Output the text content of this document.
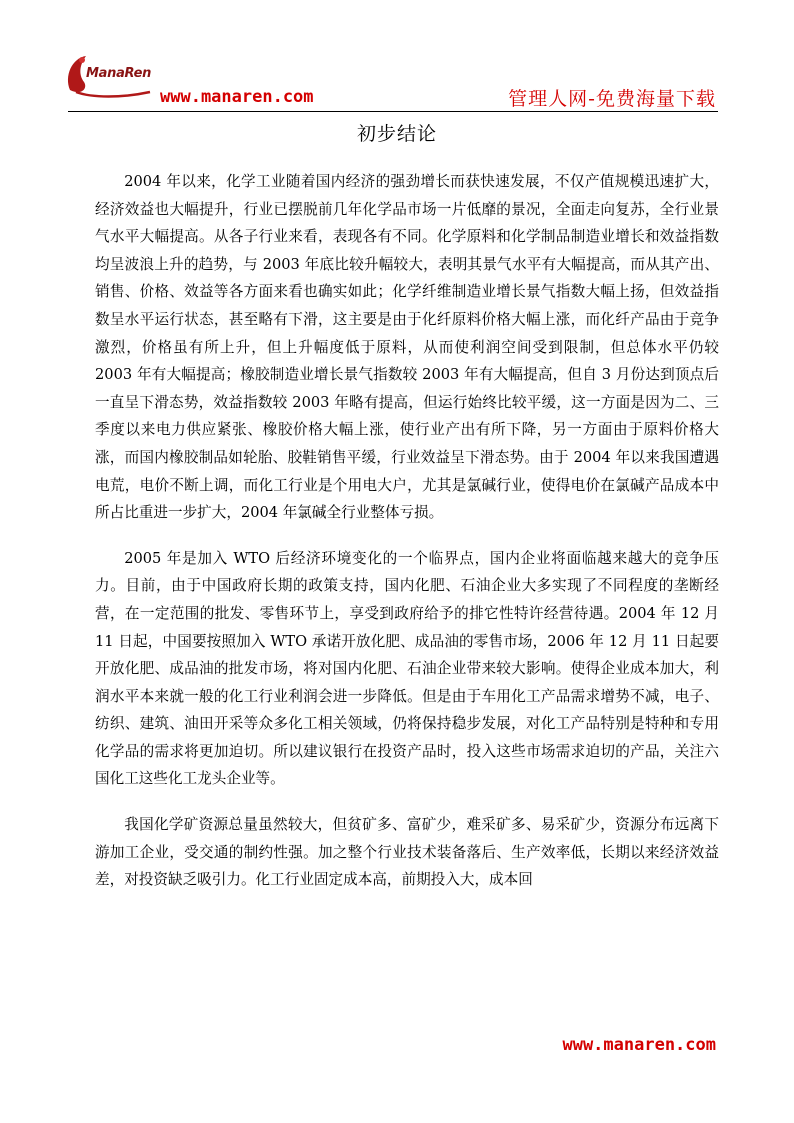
ManaRen
www.manaren.com	管理人网-免费海量下载
初步结论

2004 年以来，化学工业随着国内经济的强劲增长而获快速发展，不仅产值规模迅速扩大，经济效益也大幅提升，行业已摆脱前几年化学品市场一片低靡的景况，全面走向复苏，全行业景气水平大幅提高。从各子行业来看，表现各有不同。化学原料和化学制品制造业增长和效益指数均呈波浪上升的趋势，与 2003 年底比较升幅较大，表明其景气水平有大幅提高，而从其产出、销售、价格、效益等各方面来看也确实如此；化学纤维制造业增长景气指数大幅上扬，但效益指数呈水平运行状态，甚至略有下滑，这主要是由于化纤原料价格大幅上涨，而化纤产品由于竞争激烈，价格虽有所上升，但上升幅度低于原料，从而使利润空间受到限制，但总体水平仍较 2003 年有大幅提高；橡胶制造业增长景气指数较 2003 年有大幅提高，但自 3 月份达到顶点后一直呈下滑态势，效益指数较 2003 年略有提高，但运行始终比较平缓，这一方面是因为二、三季度以来电力供应紧张、橡胶价格大幅上涨，使行业产出有所下降，另一方面由于原料价格大涨，而国内橡胶制品如轮胎、胶鞋销售平缓，行业效益呈下滑态势。由于 2004 年以来我国遭遇电荒，电价不断上调，而化工行业是个用电大户，尤其是氯碱行业，使得电价在氯碱产品成本中所占比重进一步扩大，2004 年氯碱全行业整体亏损。

2005 年是加入 WTO 后经济环境变化的一个临界点，国内企业将面临越来越大的竞争压力。目前，由于中国政府长期的政策支持，国内化肥、石油企业大多实现了不同程度的垄断经营，在一定范围的批发、零售环节上，享受到政府给予的排它性特许经营待遇。2004 年 12 月 11 日起，中国要按照加入 WTO 承诺开放化肥、成品油的零售市场，2006 年 12 月 11 日起要开放化肥、成品油的批发市场，将对国内化肥、石油企业带来较大影响。使得企业成本加大，利润水平本来就一般的化工行业利润会进一步降低。但是由于车用化工产品需求增势不减，电子、纺织、建筑、油田开采等众多化工相关领域，仍将保持稳步发展，对化工产品特别是特种和专用化学品的需求将更加迫切。所以建议银行在投资产品时，投入这些市场需求迫切的产品，关注六国化工这些化工龙头企业等。

我国化学矿资源总量虽然较大，但贫矿多、富矿少，难采矿多、易采矿少，资源分布远离下游加工企业，受交通的制约性强。加之整个行业技术装备落后、生产效率低，长期以来经济效益差，对投资缺乏吸引力。化工行业固定成本高，前期投入大，成本回

www.manaren.com
